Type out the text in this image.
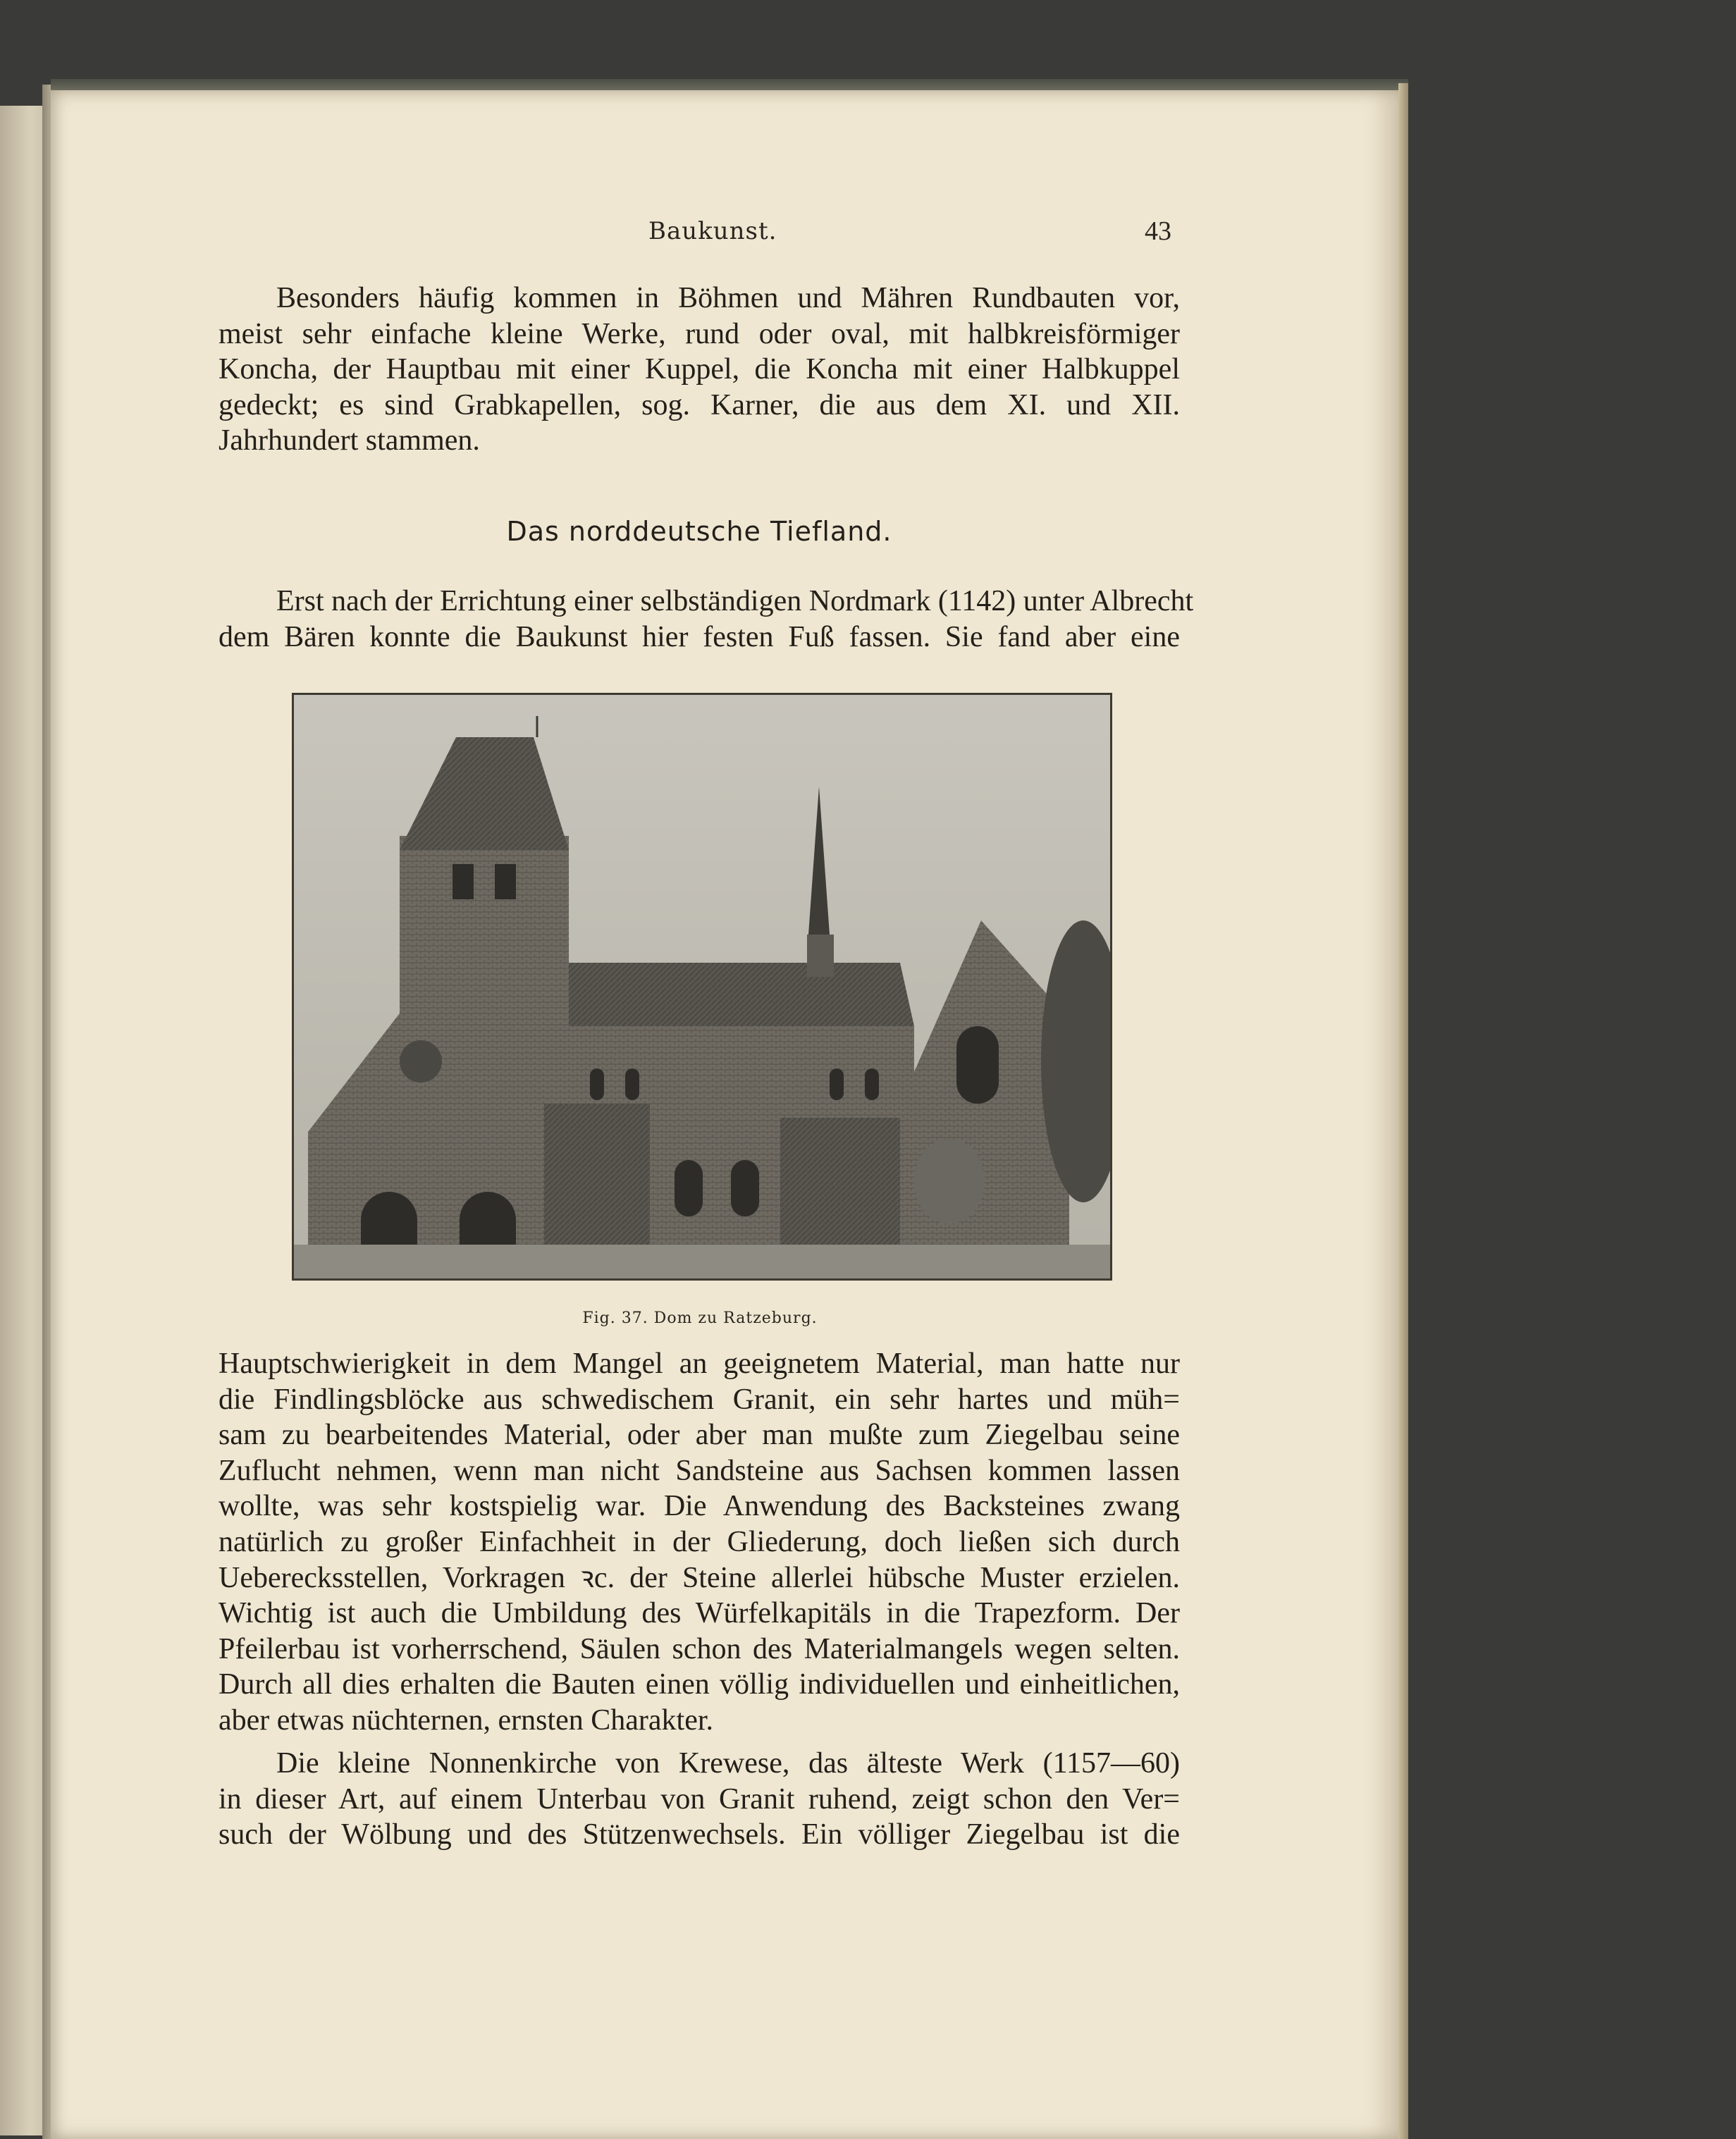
Baukunst.	43
Besonders häufig kommen in Böhmen und Mähren Rundbauten vor,
meist sehr einfache kleine Werke, rund oder oval, mit halbkreisförmiger
Koncha, der Hauptbau mit einer Kuppel, die Koncha mit einer Halbkuppel
gedeckt; es sind Grabkapellen, sog. Karner, die aus dem XI. und XII.
Jahrhundert stammen.
Das norddeutsche Tiefland.
Erst nach der Errichtung einer selbständigen Nordmark (1142) unter Albrecht
dem Bären konnte die Baukunst hier festen Fuß fassen. Sie fand aber eine
Fig. 37. Dom zu Ratzeburg.
Hauptschwierigkeit in dem Mangel an geeignetem Material, man hatte nur
die Findlingsblöcke aus schwedischem Granit, ein sehr hartes und müh=
sam zu bearbeitendes Material, oder aber man mußte zum Ziegelbau seine
Zuflucht nehmen, wenn man nicht Sandsteine aus Sachsen kommen lassen
wollte, was sehr kostspielig war. Die Anwendung des Backsteines zwang
natürlich zu großer Einfachheit in der Gliederung, doch ließen sich durch
Ueberecksstellen, Vorkragen ꝛc. der Steine allerlei hübsche Muster erzielen.
Wichtig ist auch die Umbildung des Würfelkapitäls in die Trapezform. Der
Pfeilerbau ist vorherrschend, Säulen schon des Materialmangels wegen selten.
Durch all dies erhalten die Bauten einen völlig individuellen und einheitlichen,
aber etwas nüchternen, ernsten Charakter.
Die kleine Nonnenkirche von Krewese, das älteste Werk (1157—60)
in dieser Art, auf einem Unterbau von Granit ruhend, zeigt schon den Ver=
such der Wölbung und des Stützenwechsels. Ein völliger Ziegelbau ist die
